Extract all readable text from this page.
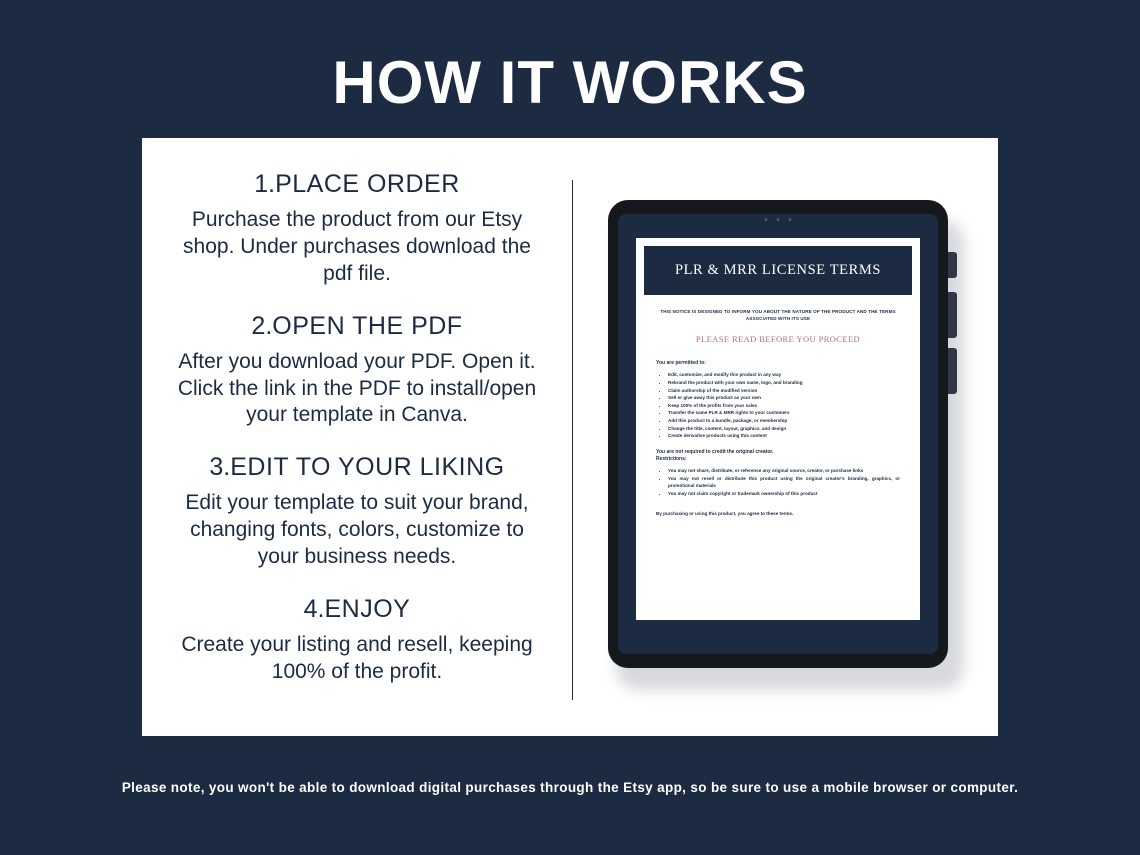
HOW IT WORKS
1.PLACE ORDER
Purchase the product from our Etsy shop. Under purchases download the pdf file.
2.OPEN THE PDF
After you download your PDF. Open it. Click the link in the PDF to install/open your template in Canva.
3.EDIT TO YOUR LIKING
Edit your template to suit your brand, changing fonts, colors, customize to your business needs.
4.ENJOY
Create your listing and resell, keeping 100% of the profit.
PLR & MRR LICENSE TERMS
THIS NOTICE IS DESIGNED TO INFORM YOU ABOUT THE NATURE OF THE PRODUCT AND THE TERMS ASSOCIATED WITH ITS USE
PLEASE READ BEFORE YOU PROCEED
You are permitted to:
• Edit, customize, and modify this product in any way
• Rebrand the product with your own name, logo, and branding
• Claim authorship of the modified version
• Sell or give away this product as your own
• Keep 100% of the profits from your sales
• Transfer the same PLR & MRR rights to your customers
• Add this product to a bundle, package, or membership
• Change the title, content, layout, graphics, and design
• Create derivative products using this content
You are not required to credit the original creator.
Restrictions:
• You may not share, distribute, or reference any original source, creator, or purchase links
• You may not resell or distribute this product using the original creator's branding, graphics, or promotional materials
• You may not claim copyright or trademark ownership of this product
By purchasing or using this product, you agree to these terms.
Please note, you won't be able to download digital purchases through the Etsy app, so be sure to use a mobile browser or computer.
